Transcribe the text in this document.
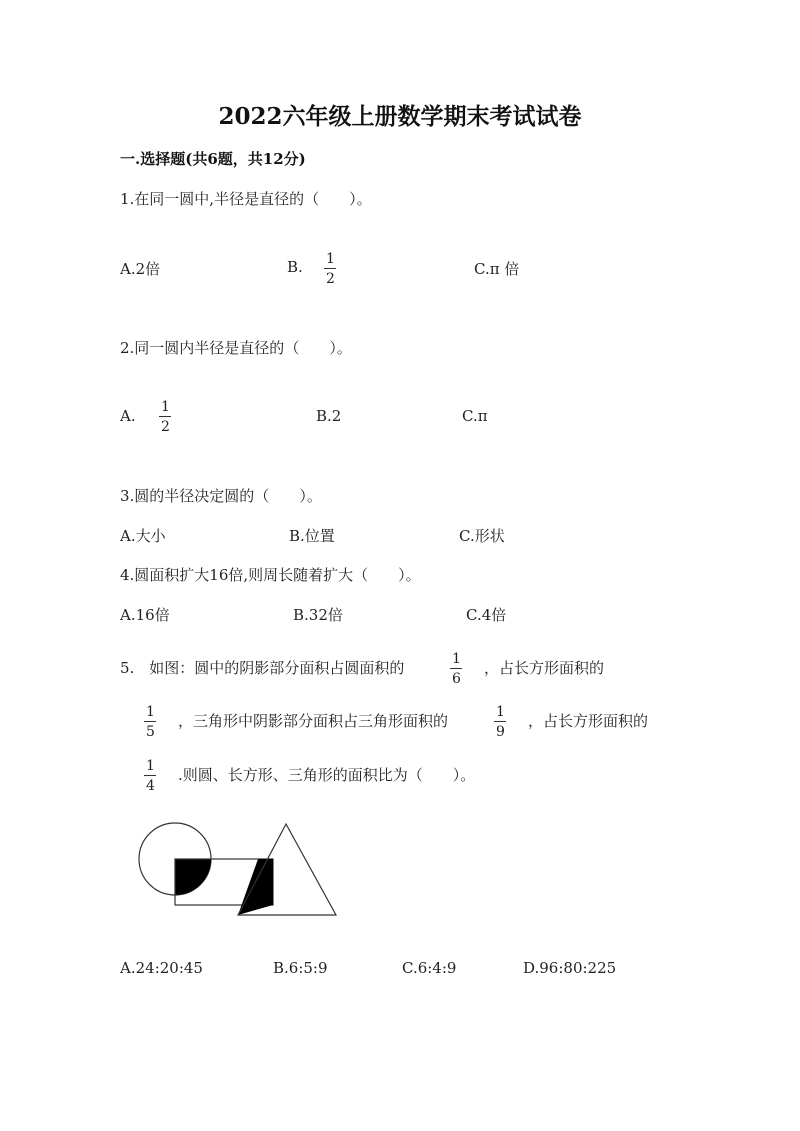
2022六年级上册数学期末考试试卷
一.选择题(共6题，共12分)
1.在同一圆中,半径是直径的（　　）。
A.2倍	B. 1
2
C.π 倍
2.同一圆内半径是直径的（　　）。
A. 1
2
B.2	C.π
3.圆的半径决定圆的（　　）。
A.大小	B.位置	C.形状
4.圆面积扩大16倍,则周长随着扩大（　　）。
A.16倍	B.32倍	C.4倍
5.　如图：圆中的阴影部分面积占圆面积的	1
6
，占长方形面积的
1
5
，三角形中阴影部分面积占三角形面积的	1
9
，占长方形面积的
1
4
.则圆、长方形、三角形的面积比为（　　）。
A.24:20:45	B.6:5:9	C.6:4:9	D.96:80:225
